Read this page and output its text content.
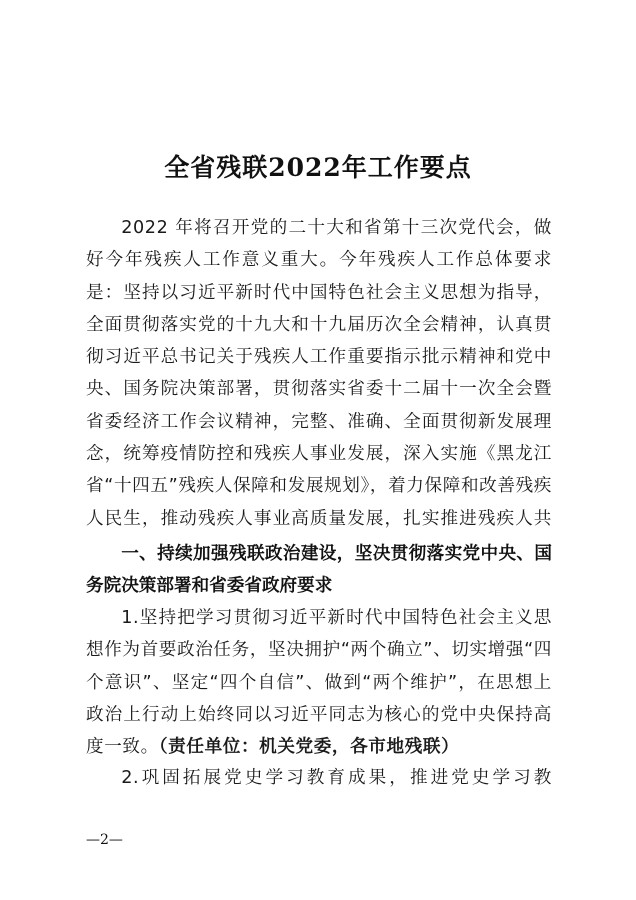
全省残联2022年工作要点

2022 年将召开党的二十大和省第十三次党代会，做好今年残疾人工作意义重大。今年残疾人工作总体要求是：坚持以习近平新时代中国特色社会主义思想为指导，全面贯彻落实党的十九大和十九届历次全会精神，认真贯彻习近平总书记关于残疾人工作重要指示批示精神和党中央、国务院决策部署，贯彻落实省委十二届十一次全会暨省委经济工作会议精神，完整、准确、全面贯彻新发展理念，统筹疫情防控和残疾人事业发展，深入实施《黑龙江省“十四五”残疾人保障和发展规划》，着力保障和改善残疾人民生，推动残疾人事业高质量发展，扎实推进残疾人共

一、持续加强残联政治建设，坚决贯彻落实党中央、国务院决策部署和省委省政府要求

1.坚持把学习贯彻习近平新时代中国特色社会主义思想作为首要政治任务，坚决拥护“两个确立”、切实增强“四个意识”、坚定“四个自信”、做到“两个维护”，在思想上政治上行动上始终同以习近平同志为核心的党中央保持高度一致。（责任单位：机关党委，各市地残联）

2.巩固拓展党史学习教育成果，推进党史学习教

—2—
